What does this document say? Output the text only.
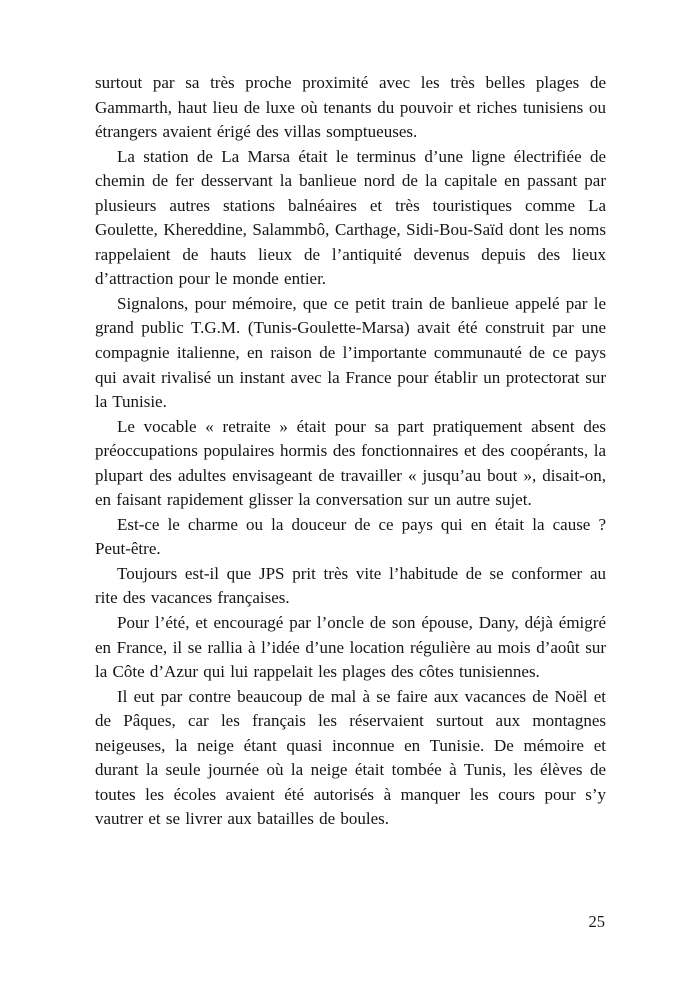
surtout par sa très proche proximité avec les très belles plages de Gammarth, haut lieu de luxe où tenants du pouvoir et riches tunisiens ou étrangers avaient érigé des villas somptueuses.

La station de La Marsa était le terminus d’une ligne électrifiée de chemin de fer desservant la banlieue nord de la capitale en passant par plusieurs autres stations balnéaires et très touristiques comme La Goulette, Khereddine, Salammbô, Carthage, Sidi-Bou-Saïd dont les noms rappelaient de hauts lieux de l’antiquité devenus depuis des lieux d’attraction pour le monde entier.

Signalons, pour mémoire, que ce petit train de banlieue appelé par le grand public T.G.M. (Tunis-Goulette-Marsa) avait été construit par une compagnie italienne, en raison de l’importante communauté de ce pays qui avait rivalisé un instant avec la France pour établir un protectorat sur la Tunisie.

Le vocable « retraite » était pour sa part pratiquement absent des préoccupations populaires hormis des fonctionnaires et des coopérants, la plupart des adultes envisageant de travailler « jusqu’au bout », disait-on, en faisant rapidement glisser la conversation sur un autre sujet.

Est-ce le charme ou la douceur de ce pays qui en était la cause ? Peut-être.

Toujours est-il que JPS prit très vite l’habitude de se conformer au rite des vacances françaises.

Pour l’été, et encouragé par l’oncle de son épouse, Dany, déjà émigré en France, il se rallia à l’idée d’une location régulière au mois d’août sur la Côte d’Azur qui lui rappelait les plages des côtes tunisiennes.

Il eut par contre beaucoup de mal à se faire aux vacances de Noël et de Pâques, car les français les réservaient surtout aux montagnes neigeuses, la neige étant quasi inconnue en Tunisie. De mémoire et durant la seule journée où la neige était tombée à Tunis, les élèves de toutes les écoles avaient été autorisés à manquer les cours pour s’y vautrer et se livrer aux batailles de boules.

25
